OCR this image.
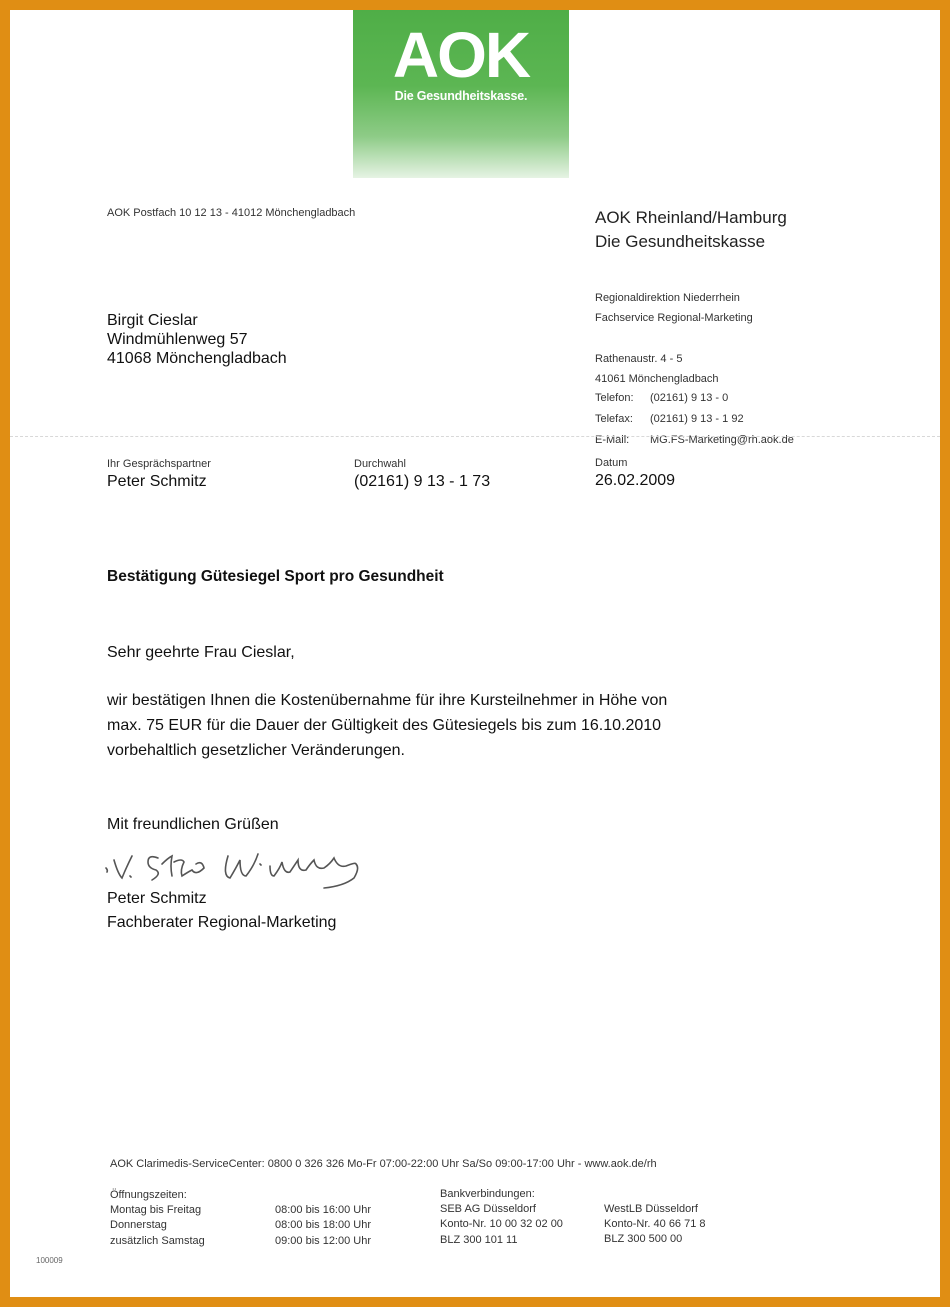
AOK
Die Gesundheitskasse.
AOK Postfach 10 12 13 - 41012 Mönchengladbach	AOK Rheinland/Hamburg
Die Gesundheitskasse
Regionaldirektion Niederrhein
Fachservice Regional-Marketing
Rathenaustr. 4 - 5
41061 Mönchengladbach
Telefon: (02161) 9 13 - 0
Telefax: (02161) 9 13 - 1 92
E-Mail: MG.FS-Marketing@rh.aok.de
Birgit Cieslar
Windmühlenweg 57
41068 Mönchengladbach
Ihr Gesprächspartner
Peter Schmitz
Durchwahl
(02161) 9 13 - 1 73
Datum
26.02.2009
Bestätigung Gütesiegel Sport pro Gesundheit
Sehr geehrte Frau Cieslar,
wir bestätigen Ihnen die Kostenübernahme für ihre Kursteilnehmer in Höhe von
max. 75 EUR für die Dauer der Gültigkeit des Gütesiegels bis zum 16.10.2010
vorbehaltlich gesetzlicher Veränderungen.
Mit freundlichen Grüßen
Peter Schmitz
Fachberater Regional-Marketing
AOK Clarimedis-ServiceCenter: 0800 0 326 326 Mo-Fr 07:00-22:00 Uhr Sa/So 09:00-17:00 Uhr - www.aok.de/rh
Öffnungszeiten:
Montag bis Freitag	08:00 bis 16:00 Uhr
Donnerstag	08:00 bis 18:00 Uhr
zusätzlich Samstag	09:00 bis 12:00 Uhr
Bankverbindungen:
SEB AG Düsseldorf
Konto-Nr. 10 00 32 02 00
BLZ 300 101 11
WestLB Düsseldorf
Konto-Nr. 40 66 71 8
BLZ 300 500 00
100009
